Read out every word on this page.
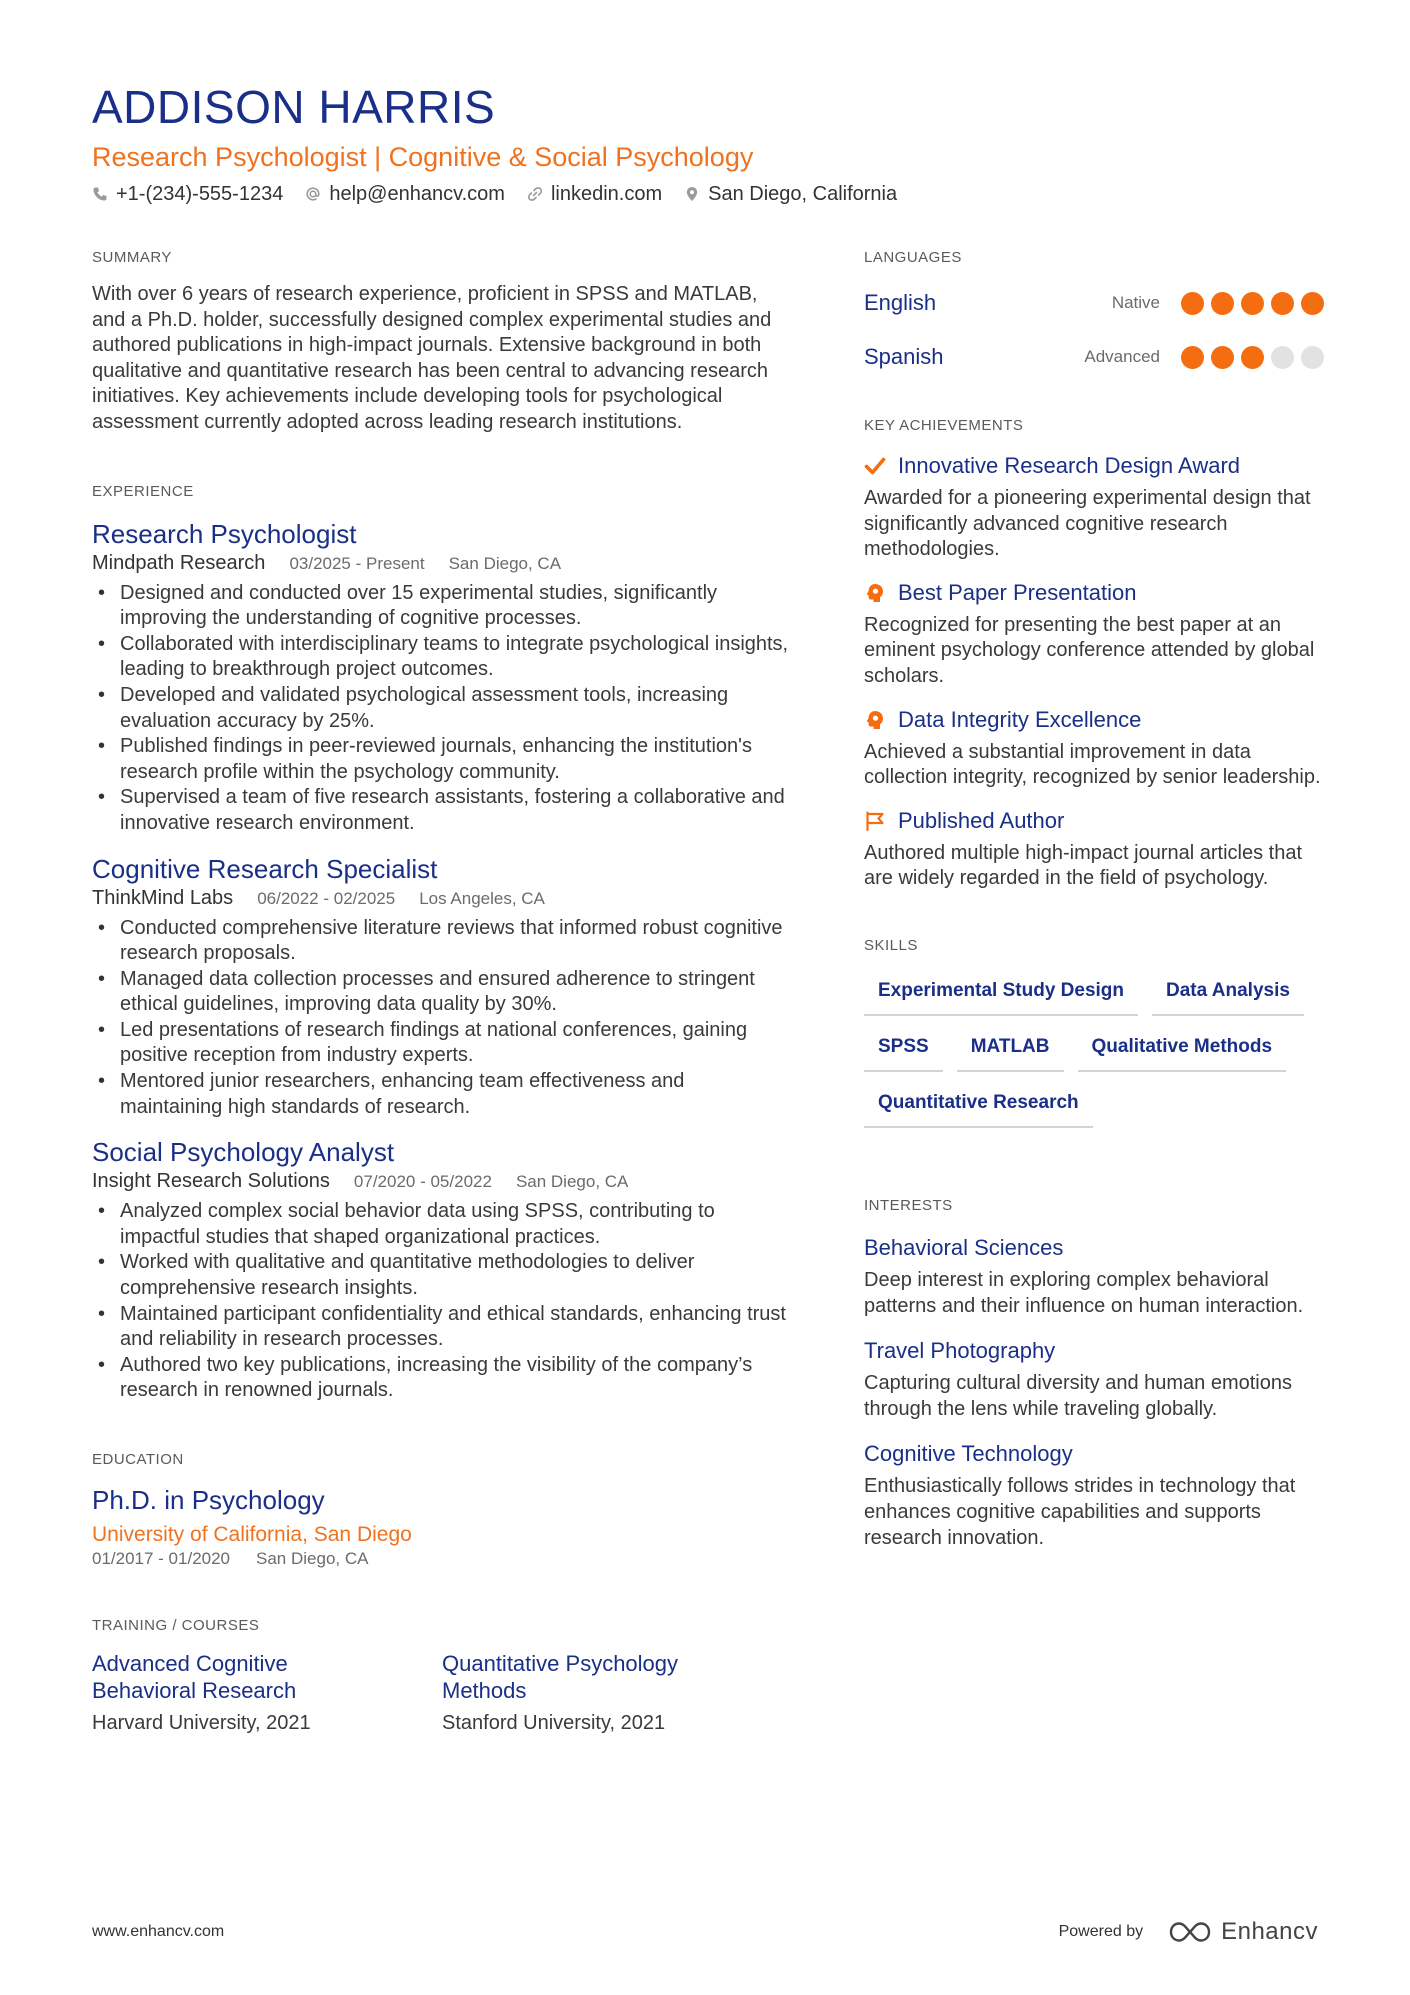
ADDISON HARRIS
Research Psychologist | Cognitive & Social Psychology
+1-(234)-555-1234 help@enhancv.com linkedin.com San Diego, California
SUMMARY
With over 6 years of research experience, proficient in SPSS and MATLAB, and a Ph.D. holder, successfully designed complex experimental studies and authored publications in high-impact journals. Extensive background in both qualitative and quantitative research has been central to advancing research initiatives. Key achievements include developing tools for psychological assessment currently adopted across leading research institutions.
EXPERIENCE
Research Psychologist
Mindpath Research 03/2025 - Present San Diego, CA
• Designed and conducted over 15 experimental studies, significantly improving the understanding of cognitive processes.
• Collaborated with interdisciplinary teams to integrate psychological insights, leading to breakthrough project outcomes.
• Developed and validated psychological assessment tools, increasing evaluation accuracy by 25%.
• Published findings in peer-reviewed journals, enhancing the institution's research profile within the psychology community.
• Supervised a team of five research assistants, fostering a collaborative and innovative research environment.
Cognitive Research Specialist
ThinkMind Labs 06/2022 - 02/2025 Los Angeles, CA
• Conducted comprehensive literature reviews that informed robust cognitive research proposals.
• Managed data collection processes and ensured adherence to stringent ethical guidelines, improving data quality by 30%.
• Led presentations of research findings at national conferences, gaining positive reception from industry experts.
• Mentored junior researchers, enhancing team effectiveness and maintaining high standards of research.
Social Psychology Analyst
Insight Research Solutions 07/2020 - 05/2022 San Diego, CA
• Analyzed complex social behavior data using SPSS, contributing to impactful studies that shaped organizational practices.
• Worked with qualitative and quantitative methodologies to deliver comprehensive research insights.
• Maintained participant confidentiality and ethical standards, enhancing trust and reliability in research processes.
• Authored two key publications, increasing the visibility of the company’s research in renowned journals.
EDUCATION
Ph.D. in Psychology
University of California, San Diego
01/2017 - 01/2020 San Diego, CA
TRAINING / COURSES
Advanced Cognitive Behavioral Research
Harvard University, 2021
Quantitative Psychology Methods
Stanford University, 2021
LANGUAGES
English	Native
Spanish	Advanced
KEY ACHIEVEMENTS
Innovative Research Design Award
Awarded for a pioneering experimental design that significantly advanced cognitive research methodologies.
Best Paper Presentation
Recognized for presenting the best paper at an eminent psychology conference attended by global scholars.
Data Integrity Excellence
Achieved a substantial improvement in data collection integrity, recognized by senior leadership.
Published Author
Authored multiple high-impact journal articles that are widely regarded in the field of psychology.
SKILLS
Experimental Study Design	Data Analysis
SPSS	MATLAB	Qualitative Methods
Quantitative Research
INTERESTS
Behavioral Sciences
Deep interest in exploring complex behavioral patterns and their influence on human interaction.
Travel Photography
Capturing cultural diversity and human emotions through the lens while traveling globally.
Cognitive Technology
Enthusiastically follows strides in technology that enhances cognitive capabilities and supports research innovation.
www.enhancv.com	Powered by	Enhancv
